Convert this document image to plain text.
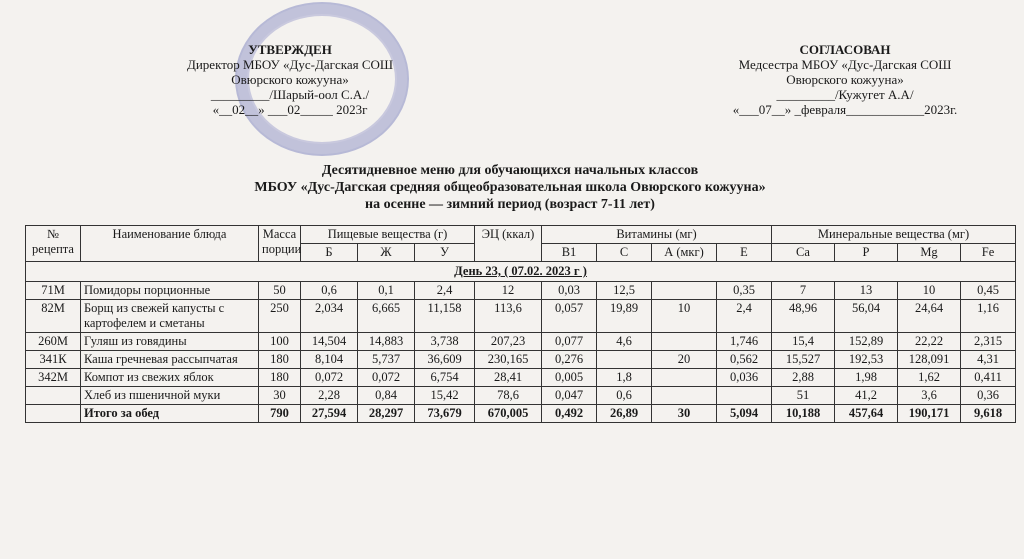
УТВЕРЖДЕН
Директор МБОУ «Дус-Дагская СОШ
Овюрского кожууна»
_________/Шарый-оол С.А./
«__02__» ___02_____ 2023г
СОГЛАСОВАН
Медсестра МБОУ «Дус-Дагская СОШ
Овюрского кожууна»
_________/Кужугет А.А/
«___07__» _февраля____________2023г.
Десятидневное меню для обучающихся начальных классов
МБОУ «Дус-Дагская средняя общеобразовательная школа Овюрского кожууна»
на осенне — зимний период (возраст 7-11 лет)
№ рецепта	Наименование блюда	Масса порции	Пищевые вещества (г)			ЭЦ (ккал)	Витамины (мг)				Минеральные вещества (мг)			
			Б	Ж	У		B1	C	А (мкг)	E	Ca	P	Mg	Fe
День 23, ( 07.02. 2023 г )														
71М	Помидоры порционные	50	0,6	0,1	2,4	12	0,03	12,5		0,35	7	13	10	0,45
82М	Борщ из свежей капусты с картофелем и сметаны	250	2,034	6,665	11,158	113,6	0,057	19,89	10	2,4	48,96	56,04	24,64	1,16
260М	Гуляш из говядины	100	14,504	14,883	3,738	207,23	0,077	4,6		1,746	15,4	152,89	22,22	2,315
341К	Каша гречневая рассыпчатая	180	8,104	5,737	36,609	230,165	0,276		20	0,562	15,527	192,53	128,091	4,31
342М	Компот из свежих яблок	180	0,072	0,072	6,754	28,41	0,005	1,8		0,036	2,88	1,98	1,62	0,411
	Хлеб из пшеничной муки	30	2,28	0,84	15,42	78,6	0,047	0,6			51	41,2	3,6	0,36
	Итого за обед	790	27,594	28,297	73,679	670,005	0,492	26,89	30	5,094	10,188	457,64	190,171	9,618
